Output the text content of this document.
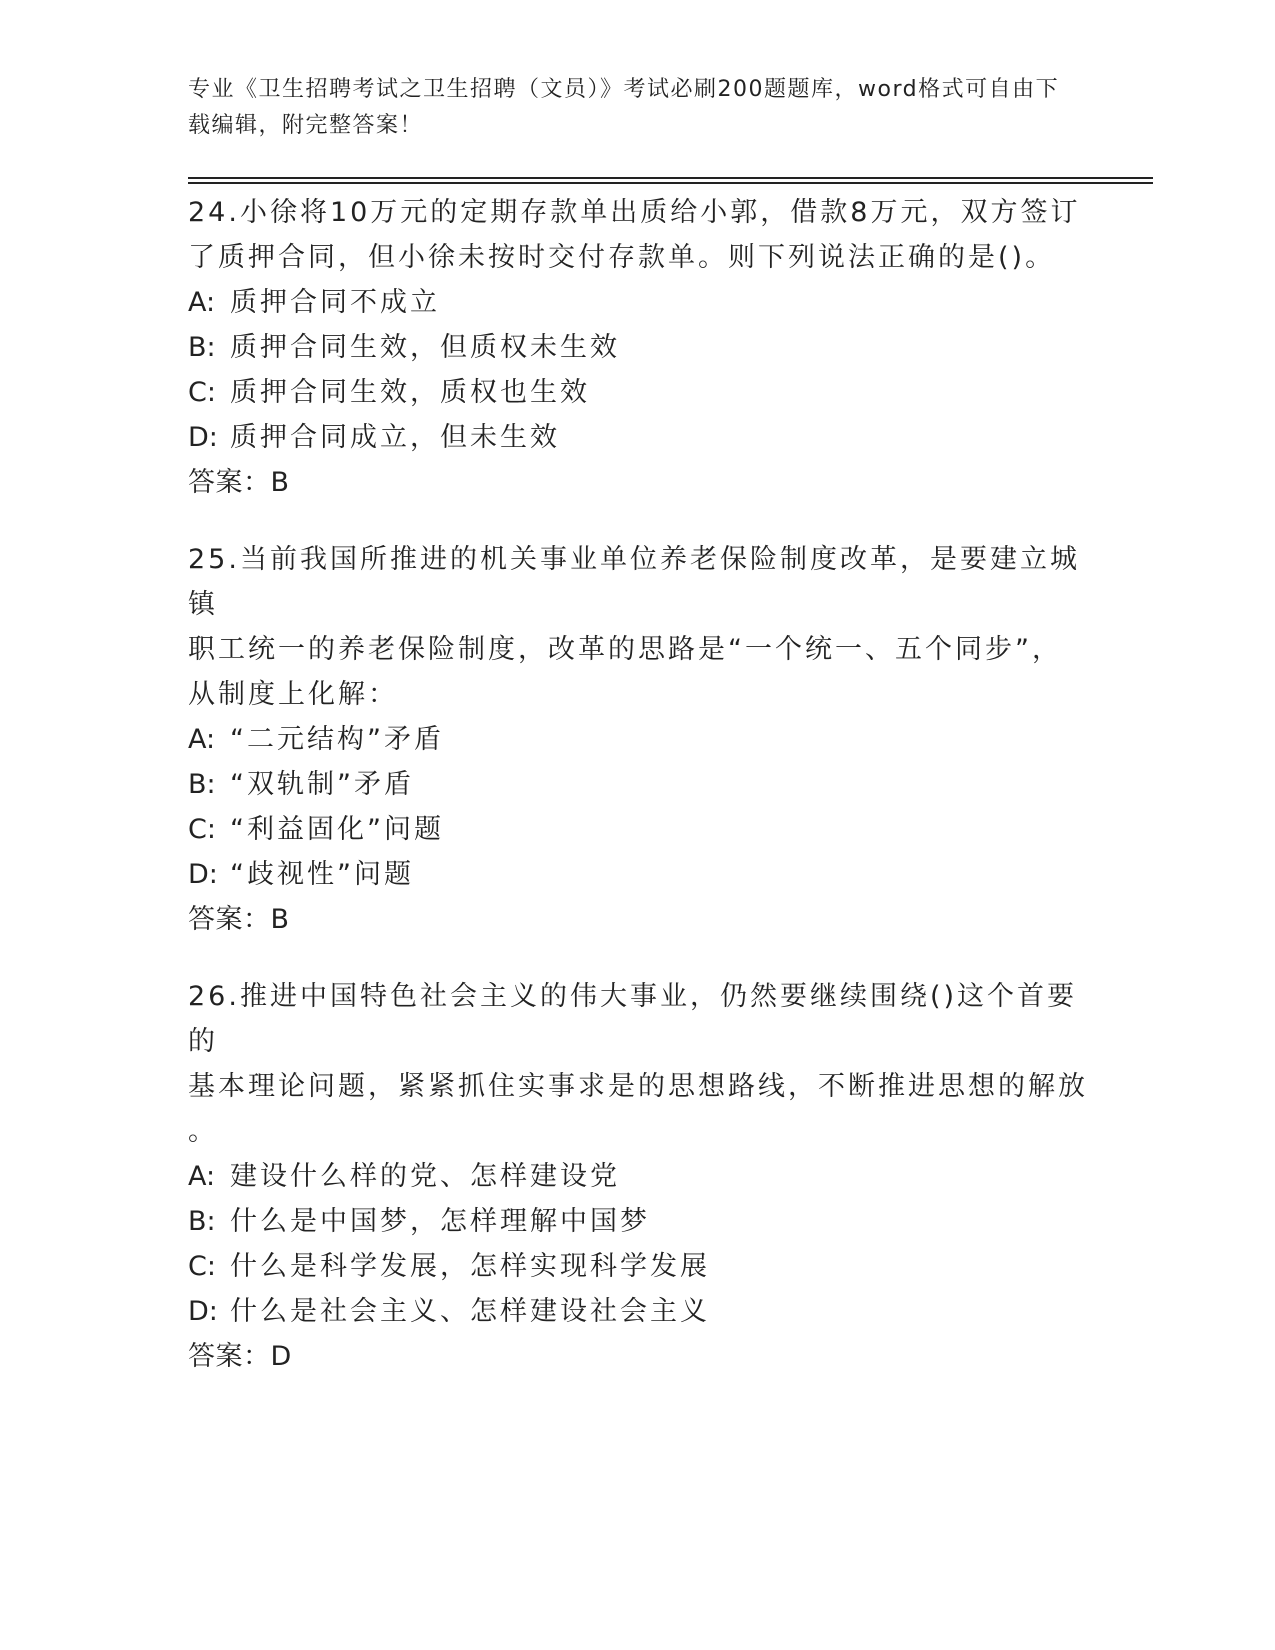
专业《卫生招聘考试之卫生招聘（文员）》考试必刷200题题库，word格式可自由下载编辑，附完整答案！

24.小徐将10万元的定期存款单出质给小郭，借款8万元，双方签订

了质押合同，但小徐未按时交付存款单。则下列说法正确的是()。

A: 质押合同不成立
B: 质押合同生效，但质权未生效
C: 质押合同生效，质权也生效
D: 质押合同成立，但未生效

答案：B

25.当前我国所推进的机关事业单位养老保险制度改革，是要建立城镇

职工统一的养老保险制度，改革的思路是“一个统一、五个同步”，

从制度上化解：

A: “二元结构”矛盾
B: “双轨制”矛盾
C: “利益固化”问题
D: “歧视性”问题

答案：B

26.推进中国特色社会主义的伟大事业，仍然要继续围绕()这个首要的

基本理论问题，紧紧抓住实事求是的思想路线，不断推进思想的解放

。

A: 建设什么样的党、怎样建设党
B: 什么是中国梦，怎样理解中国梦
C: 什么是科学发展，怎样实现科学发展
D: 什么是社会主义、怎样建设社会主义

答案：D
